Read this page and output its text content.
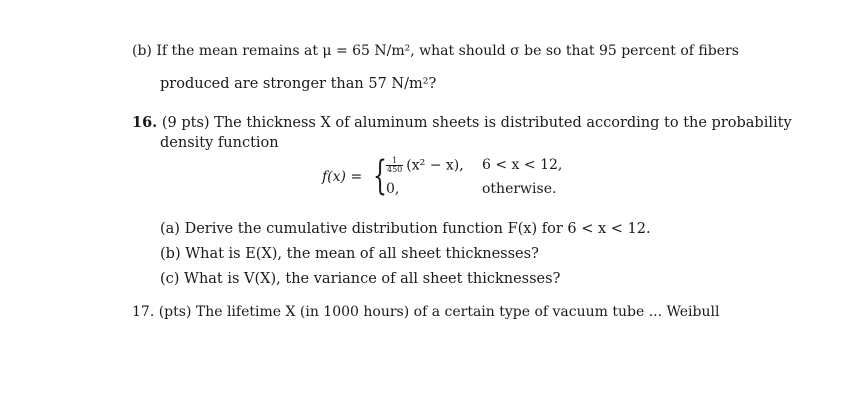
(b) If the mean remains at μ = 65 N/m², what should σ be so that 95 percent of fibers
produced are stronger than 57 N/m²?
16. (9 pts) The thickness X of aluminum sheets is distributed according to the probability
density function
f(x) = { $\frac{1}{450} (x^2 - x)$, 6 < x < 12,
0,	otherwise.
(a) Derive the cumulative distribution function F(x) for 6 < x < 12.
(b) What is E(X), the mean of all sheet thicknesses?
(c) What is V(X), the variance of all sheet thicknesses?
17. (pts) The lifetime X (in 1000 hours) of a certain type of vacuum tube ... Weibull
